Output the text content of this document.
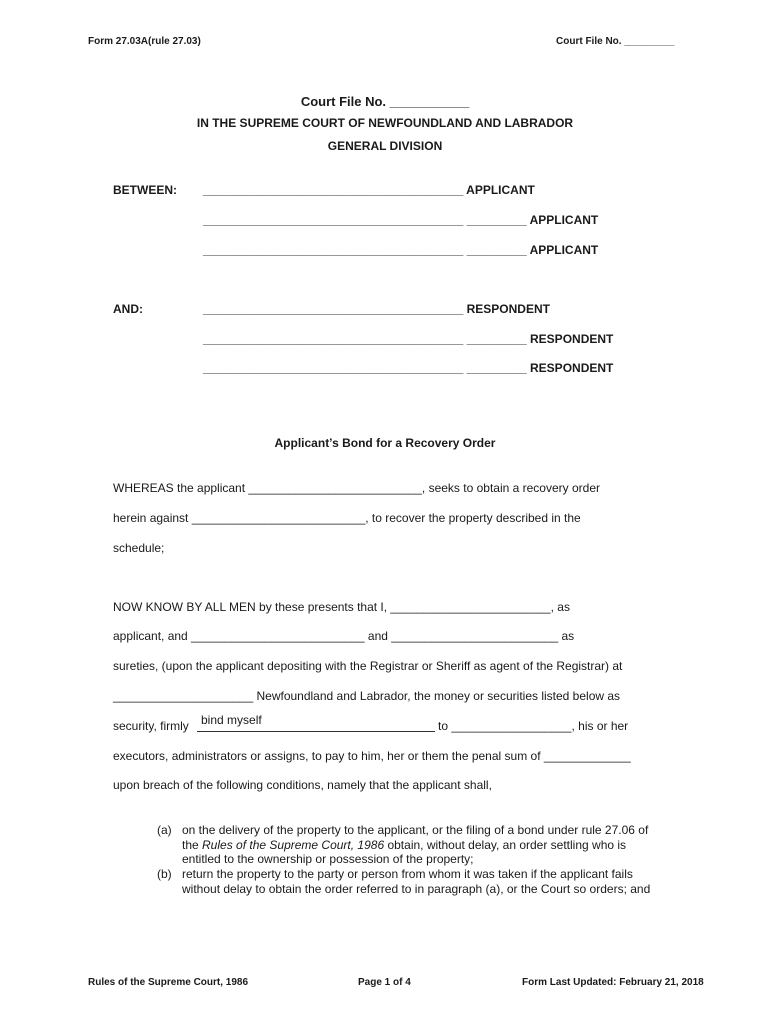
Form 27.03A(rule 27.03)	Court File No. _________
Court File No. ___________
IN THE SUPREME COURT OF NEWFOUNDLAND AND LABRADOR
GENERAL DIVISION
BETWEEN: _______________________________________ APPLICANT
_______________________________________ _________ APPLICANT
_______________________________________ _________ APPLICANT
AND:	_______________________________________ RESPONDENT
_______________________________________ _________ RESPONDENT
_______________________________________ _________ RESPONDENT
Applicant’s Bond for a Recovery Order
WHEREAS the applicant __________________________, seeks to obtain a recovery order
herein against __________________________, to recover the property described in the
schedule;
NOW KNOW BY ALL MEN by these presents that I, ________________________, as
applicant, and __________________________ and _________________________ as
sureties, (upon the applicant depositing with the Registrar or Sheriff as agent of the Registrar) at
_____________________ Newfoundland and Labrador, the money or securities listed below as
security, firmly bind myself	to __________________, his or her
executors, administrators or assigns, to pay to him, her or them the penal sum of _____________
upon breach of the following conditions, namely that the applicant shall,
(a) on the delivery of the property to the applicant, or the filing of a bond under rule 27.06 of the Rules of the Supreme Court, 1986 obtain, without delay, an order settling who is entitled to the ownership or possession of the property;
(b) return the property to the party or person from whom it was taken if the applicant fails without delay to obtain the order referred to in paragraph (a), or the Court so orders; and
Rules of the Supreme Court, 1986	Page 1 of 4	Form Last Updated: February 21, 2018
